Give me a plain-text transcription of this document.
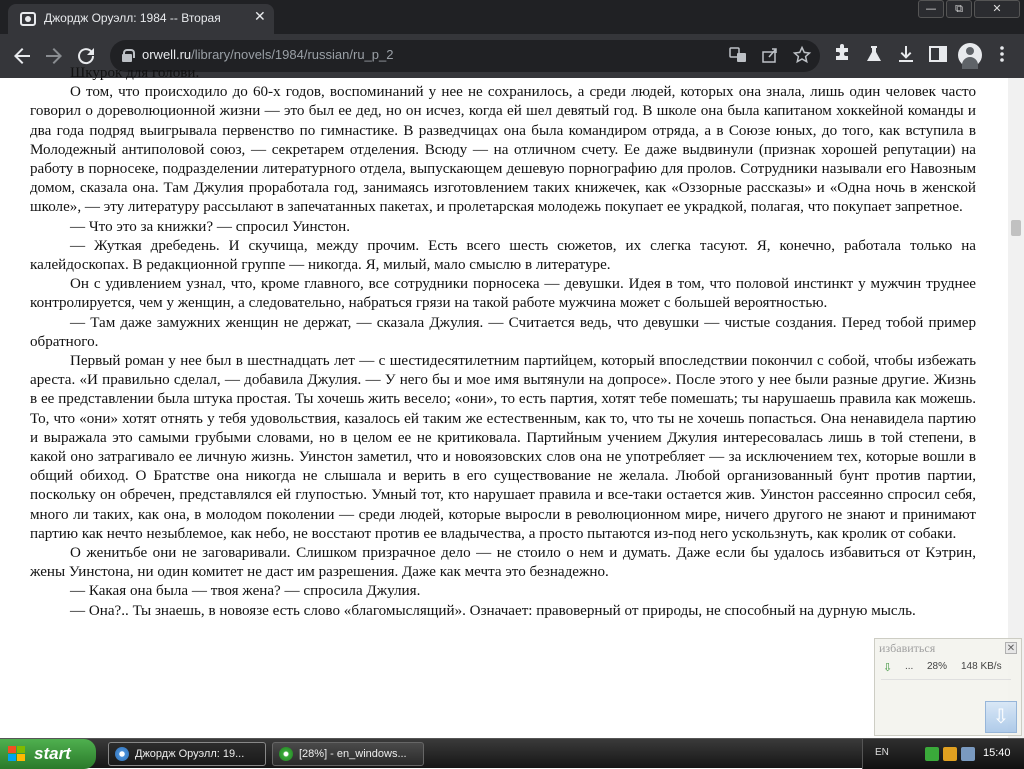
Джордж Оруэлл: 1984 -- Вторая ✕
—	⧉	✕
orwell.ru/library/novels/1984/russian/ru_p_2

Шкурок для голови.

О том, что происходило до 60-х годов, воспоминаний у нее не сохранилось, а среди людей, которых она знала, лишь один человек часто говорил о дореволюционной жизни — это был ее дед, но он исчез, когда ей шел девятый год. В школе она была капитаном хоккейной команды и два года подряд выигрывала первенство по гимнастике. В разведчицах она была командиром отряда, а в Союзе юных, до того, как вступила в Молодежный антиполовой союз, — секретарем отделения. Всюду — на отличном счету. Ее даже выдвинули (признак хорошей репутации) на работу в порносеке, подразделении литературного отдела, выпускающем дешевую порнографию для пролов. Сотрудники называли его Навозным домом, сказала она. Там Джулия проработала год, занимаясь изготовлением таких книжечек, как «Оззорные рассказы» и «Одна ночь в женской школе», — эту литературу рассылают в запечатанных пакетах, и пролетарская молодежь покупает ее украдкой, полагая, что покупает запретное.

— Что это за книжки? — спросил Уинстон.

— Жуткая дребедень. И скучища, между прочим. Есть всего шесть сюжетов, их слегка тасуют. Я, конечно, работала только на калейдоскопах. В редакционной группе — никогда. Я, милый, мало смыслю в литературе.

Он с удивлением узнал, что, кроме главного, все сотрудники порносека — девушки. Идея в том, что половой инстинкт у мужчин труднее контролируется, чем у женщин, а следовательно, набраться грязи на такой работе мужчина может с большей вероятностью.

— Там даже замужних женщин не держат, — сказала Джулия. — Считается ведь, что девушки — чистые создания. Перед тобой пример обратного.

Первый роман у нее был в шестнадцать лет — с шестидесятилетним партийцем, который впоследствии покончил с собой, чтобы избежать ареста. «И правильно сделал, — добавила Джулия. — У него бы и мое имя вытянули на допросе». После этого у нее были разные другие. Жизнь в ее представлении была штука простая. Ты хочешь жить весело; «они», то есть партия, хотят тебе помешать; ты нарушаешь правила как можешь. То, что «они» хотят отнять у тебя удовольствия, казалось ей таким же естественным, как то, что ты не хочешь попасться. Она ненавидела партию и выражала это самыми грубыми словами, но в целом ее не критиковала. Партийным учением Джулия интересовалась лишь в той степени, в какой оно затрагивало ее личную жизнь. Уинстон заметил, что и новоязовских слов она не употребляет — за исключением тех, которые вошли в общий обиход. О Братстве она никогда не слышала и верить в его существование не желала. Любой организованный бунт против партии, поскольку он обречен, представлялся ей глупостью. Умный тот, кто нарушает правила и все-таки остается жив. Уинстон рассеянно спросил себя, много ли таких, как она, в молодом поколении — среди людей, которые выросли в революционном мире, ничего другого не знают и принимают партию как нечто незыблемое, как небо, не восстают против ее владычества, а просто пытаются из-под него ускользнуть, как кролик от собаки.

О женитьбе они не заговаривали. Слишком призрачное дело — не стоило о нем и думать. Даже если бы удалось избавиться от Кэтрин, жены Уинстона, ни один комитет не даст им разрешения. Даже как мечта это безнадежно.

— Какая она была — твоя жена? — спросила Джулия.

— Она?.. Ты знаешь, в новоязе есть слово «благомыслящий». Означает: правоверный от природы, не способный на дурную мысль.

избавиться	✕
⇩ ... 28% 148 KB/s
⇩
start	Джордж Оруэлл: 19...	[28%] - en_windows...	EN	15:40
